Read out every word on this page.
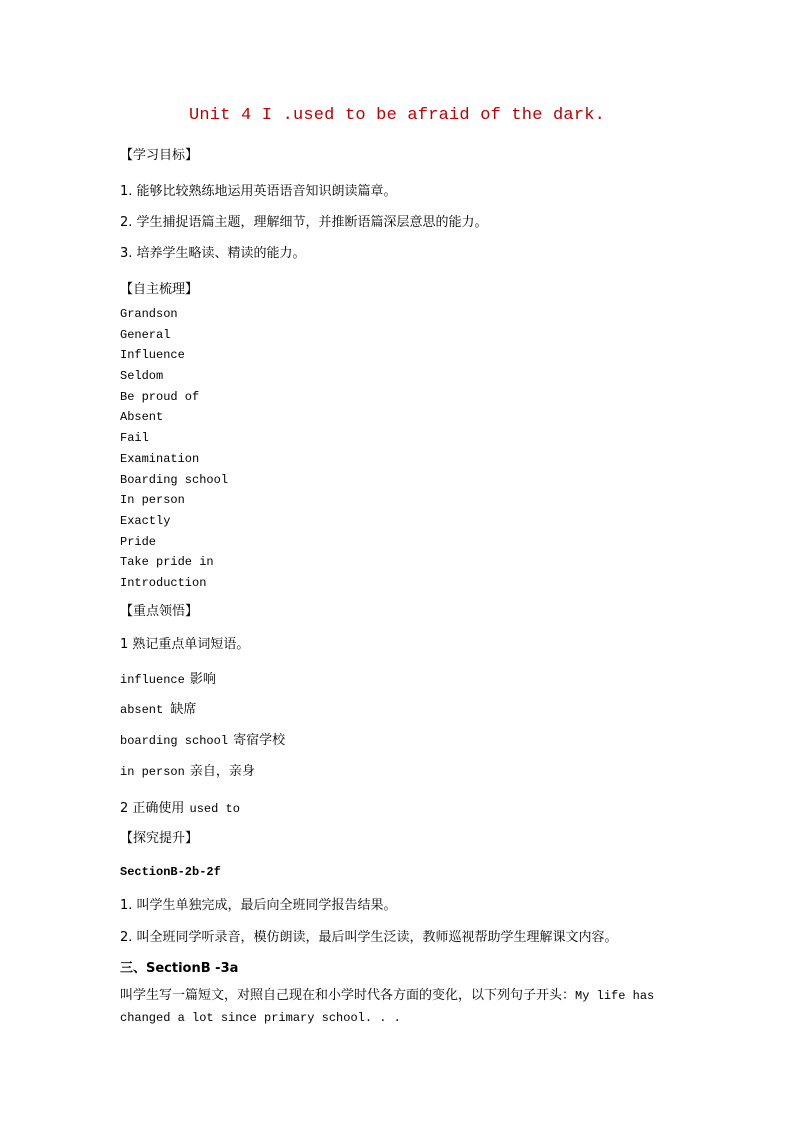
Unit 4 I .used to be afraid of the dark.
【学习目标】
1. 能够比较熟练地运用英语语音知识朗读篇章。
2. 学生捕捉语篇主题，理解细节，并推断语篇深层意思的能力。
3. 培养学生略读、精读的能力。
【自主梳理】
Grandson
General
Influence
Seldom
Be proud of
Absent
Fail
Examination
Boarding school
In person
Exactly
Pride
Take pride in
Introduction
【重点领悟】
1 熟记重点单词短语。
influence 影响
absent 缺席
boarding school 寄宿学校
in person 亲自，亲身
2 正确使用 used to
【探究提升】
SectionB-2b-2f
1. 叫学生单独完成，最后向全班同学报告结果。
2. 叫全班同学听录音，模仿朗读，最后叫学生泛读，教师巡视帮助学生理解课文内容。
三、SectionB -3a
叫学生写一篇短文，对照自己现在和小学时代各方面的变化，以下列句子开头：My life has changed a lot since primary school. . .
